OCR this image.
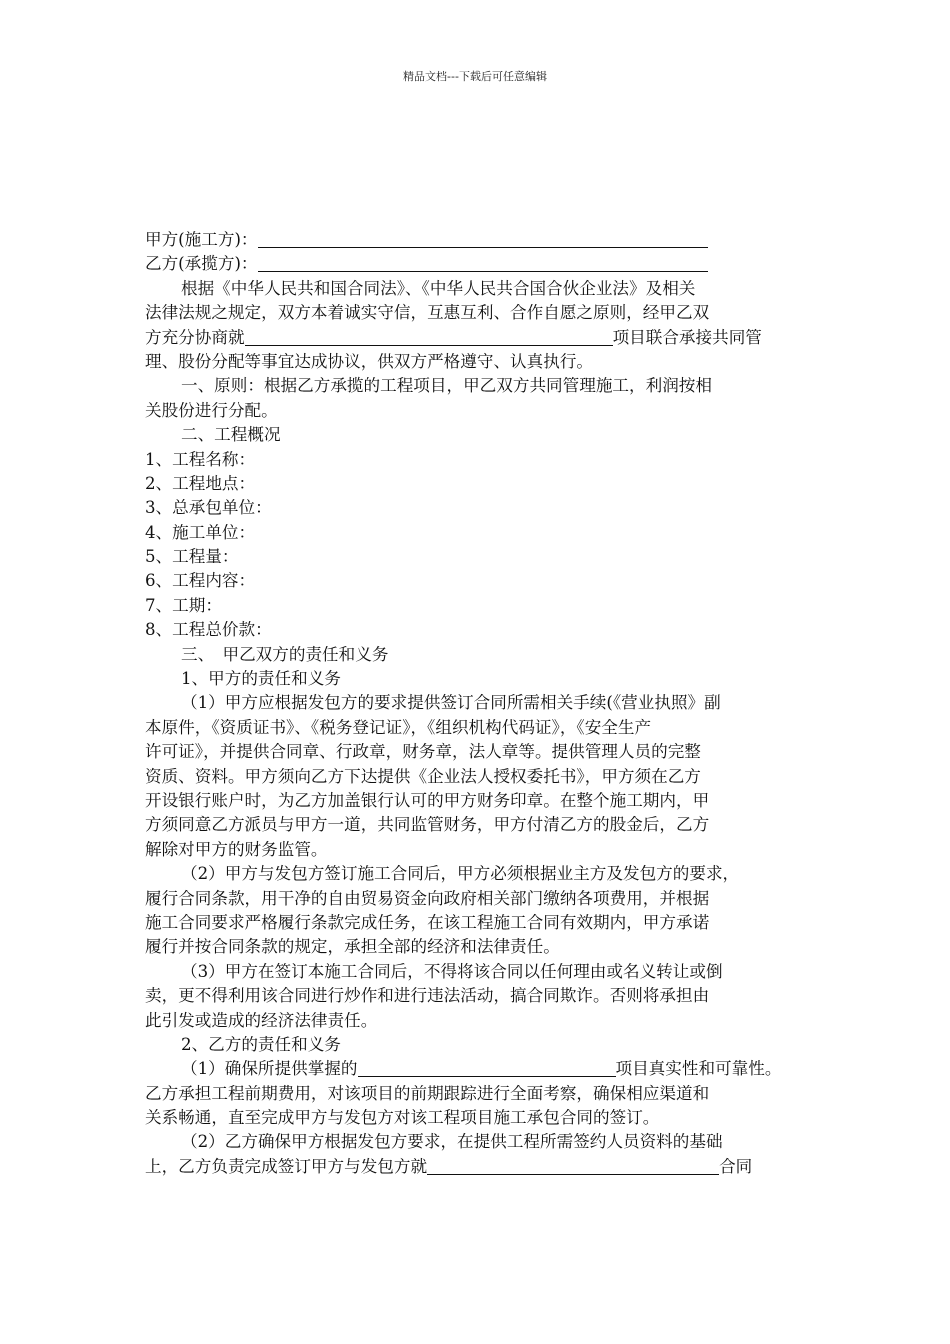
精品文档---下载后可任意编辑
甲方(施工方)：
乙方(承揽方)：
根据《中华人民共和国合同法》、《中华人民共合国合伙企业法》及相关
法律法规之规定，双方本着诚实守信，互惠互利、合作自愿之原则，经甲乙双
方充分协商就	项目联合承接共同管
理、股份分配等事宜达成协议，供双方严格遵守、认真执行。
一、原则：根据乙方承揽的工程项目，甲乙双方共同管理施工，利润按相
关股份进行分配。
二、工程概况
1、工程名称：
2、工程地点：
3、总承包单位：
4、施工单位：
5、工程量：
6、工程内容：
7、工期：
8、工程总价款：
三、　甲乙双方的责任和义务
1、甲方的责任和义务
（1）甲方应根据发包方的要求提供签订合同所需相关手续(《营业执照》副
本原件，《资质证书》、《税务登记证》，《组织机构代码证》，《安全生产
许可证》，并提供合同章、行政章，财务章，法人章等。提供管理人员的完整
资质、资料。甲方须向乙方下达提供《企业法人授权委托书》，甲方须在乙方
开设银行账户时，为乙方加盖银行认可的甲方财务印章。在整个施工期内，甲
方须同意乙方派员与甲方一道，共同监管财务，甲方付清乙方的股金后，乙方
解除对甲方的财务监管。
（2）甲方与发包方签订施工合同后，甲方必须根据业主方及发包方的要求，
履行合同条款，用干净的自由贸易资金向政府相关部门缴纳各项费用，并根据
施工合同要求严格履行条款完成任务，在该工程施工合同有效期内，甲方承诺
履行并按合同条款的规定，承担全部的经济和法律责任。
（3）甲方在签订本施工合同后，不得将该合同以任何理由或名义转让或倒
卖，更不得利用该合同进行炒作和进行违法活动，搞合同欺诈。否则将承担由
此引发或造成的经济法律责任。
2、乙方的责任和义务
（1）确保所提供掌握的	项目真实性和可靠性。
乙方承担工程前期费用，对该项目的前期跟踪进行全面考察，确保相应渠道和
关系畅通，直至完成甲方与发包方对该工程项目施工承包合同的签订。
（2）乙方确保甲方根据发包方要求，在提供工程所需签约人员资料的基础
上，乙方负责完成签订甲方与发包方就	合同
